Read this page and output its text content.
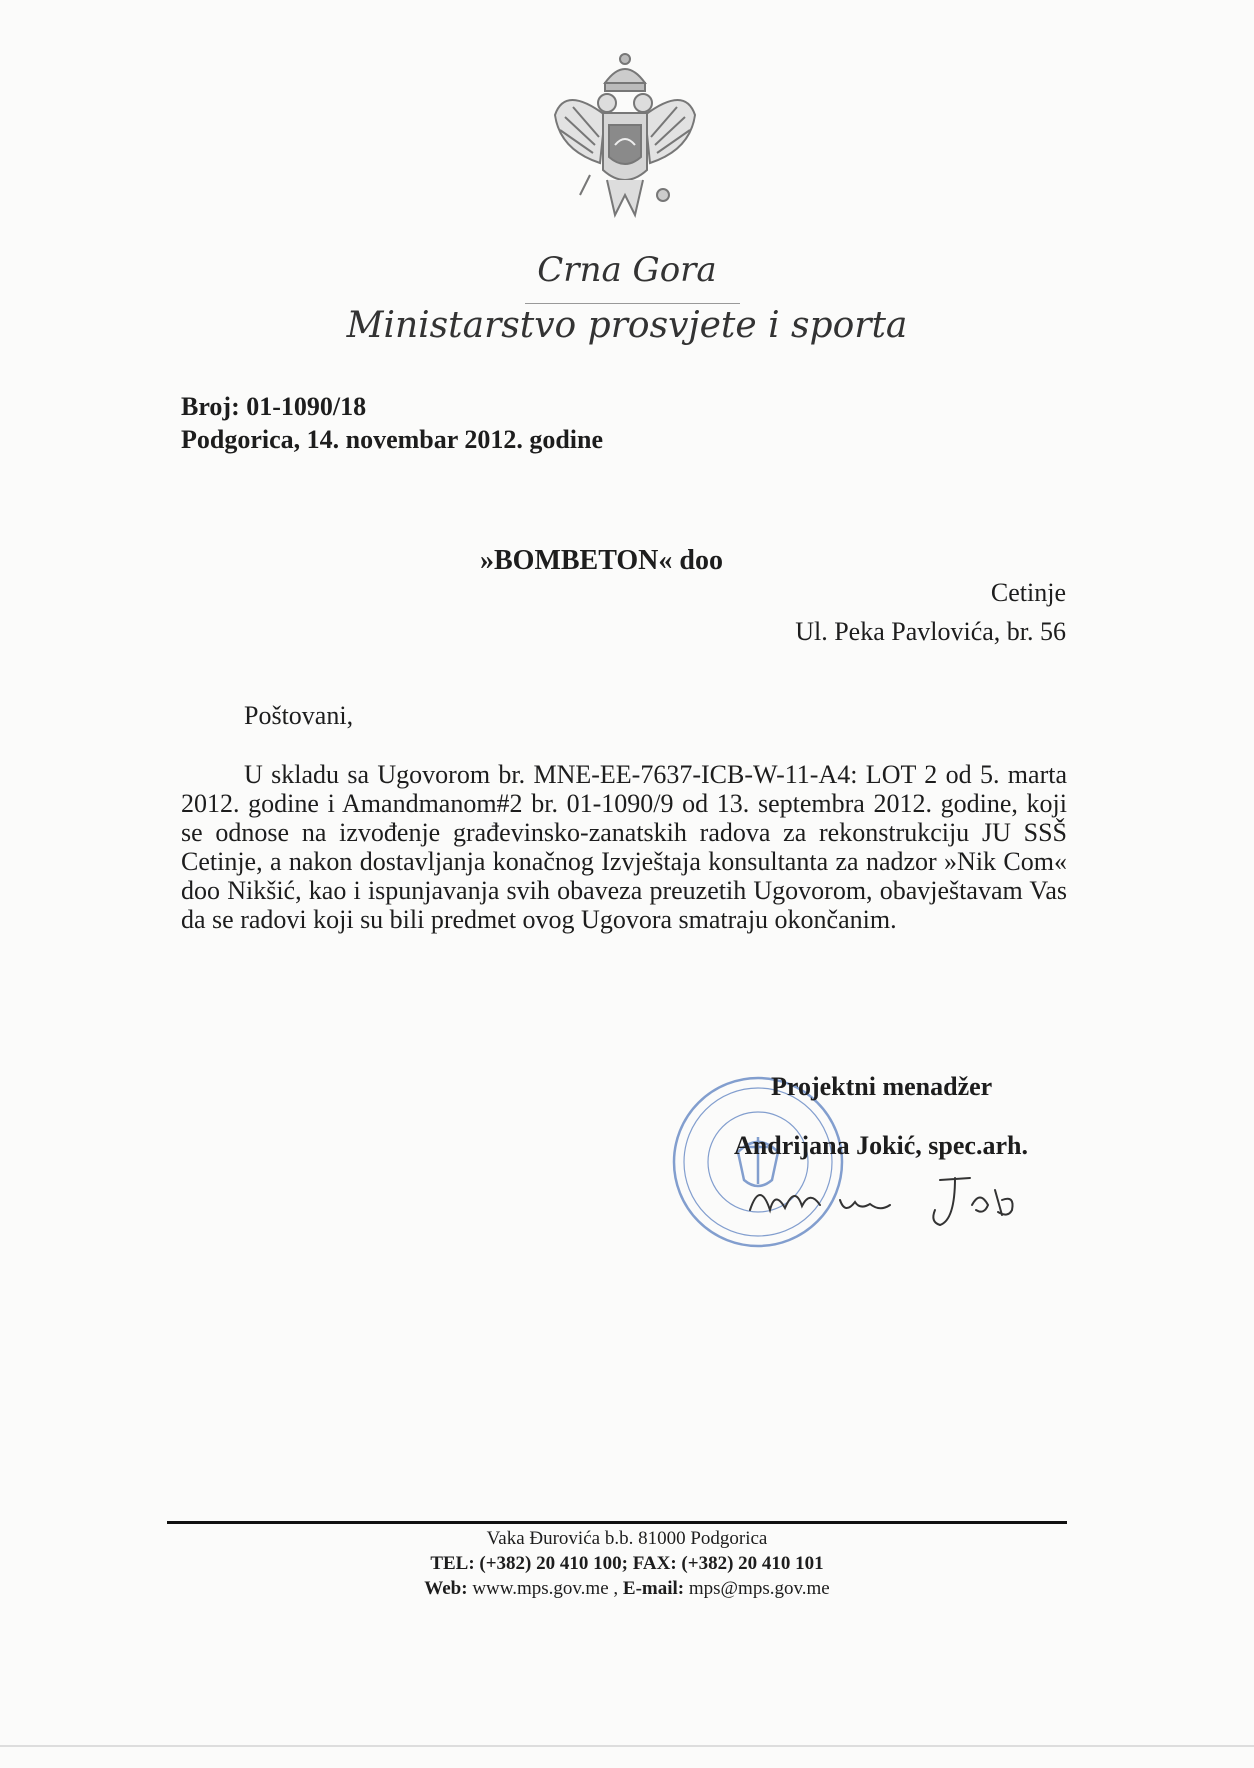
Crna Gora
Ministarstvo prosvjete i sporta
Broj: 01-1090/18
Podgorica, 14. novembar 2012. godine
»BOMBETON« doo
Cetinje
Ul. Peka Pavlovića, br. 56
Poštovani,

U skladu sa Ugovorom br. MNE-EE-7637-ICB-W-11-A4: LOT 2 od 5. marta 2012. godine i Amandmanom#2 br. 01-1090/9 od 13. septembra 2012. godine, koji se odnose na izvođenje građevinsko-zanatskih radova za rekonstrukciju JU SSŠ Cetinje, a nakon dostavljanja konačnog Izvještaja konsultanta za nadzor »Nik Com« doo Nikšić, kao i ispunjavanja svih obaveza preuzetih Ugovorom, obavještavam Vas da se radovi koji su bili predmet ovog Ugovora smatraju okončanim.

Projektni menadžer
Andrijana Jokić, spec.arh.
Vaka Đurovića b.b. 81000 Podgorica
TEL: (+382) 20 410 100; FAX: (+382) 20 410 101
Web: www.mps.gov.me , E-mail: mps@mps.gov.me
